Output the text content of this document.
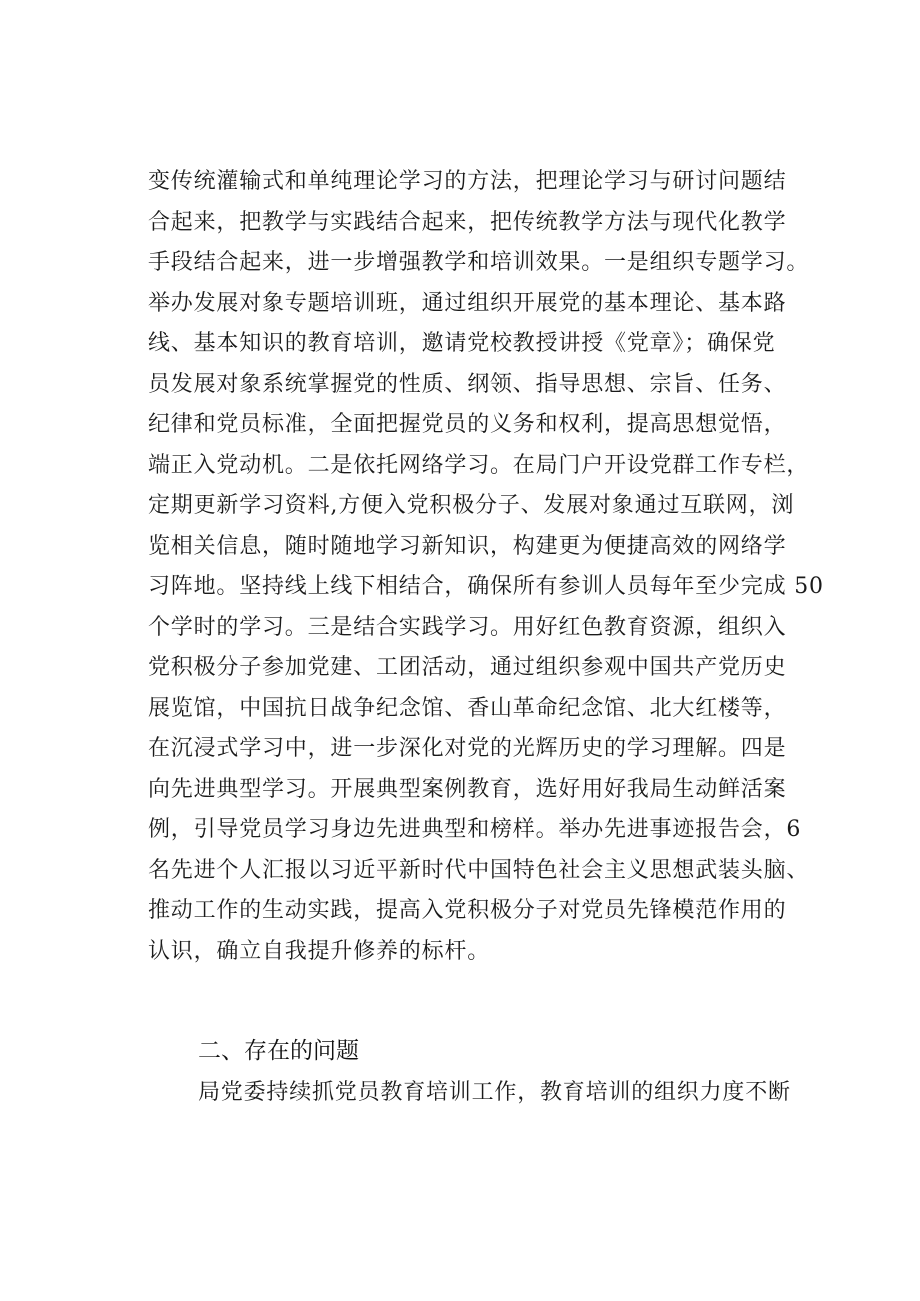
变传统灌输式和单纯理论学习的方法，把理论学习与研讨问题结
合起来，把教学与实践结合起来，把传统教学方法与现代化教学
手段结合起来，进一步增强教学和培训效果。一是组织专题学习。
举办发展对象专题培训班，通过组织开展党的基本理论、基本路
线、基本知识的教育培训，邀请党校教授讲授《党章》；确保党
员发展对象系统掌握党的性质、纲领、指导思想、宗旨、任务、
纪律和党员标准，全面把握党员的义务和权利，提高思想觉悟，
端正入党动机。二是依托网络学习。在局门户开设党群工作专栏，
定期更新学习资料,方便入党积极分子、发展对象通过互联网，浏
览相关信息，随时随地学习新知识，构建更为便捷高效的网络学
习阵地。坚持线上线下相结合，确保所有参训人员每年至少完成 50
个学时的学习。三是结合实践学习。用好红色教育资源，组织入
党积极分子参加党建、工团活动，通过组织参观中国共产党历史
展览馆，中国抗日战争纪念馆、香山革命纪念馆、北大红楼等，
在沉浸式学习中，进一步深化对党的光辉历史的学习理解。四是
向先进典型学习。开展典型案例教育，选好用好我局生动鲜活案
例，引导党员学习身边先进典型和榜样。举办先进事迹报告会，6
名先进个人汇报以习近平新时代中国特色社会主义思想武装头脑、
推动工作的生动实践，提高入党积极分子对党员先锋模范作用的
认识，确立自我提升修养的标杆。
二、存在的问题
局党委持续抓党员教育培训工作，教育培训的组织力度不断
